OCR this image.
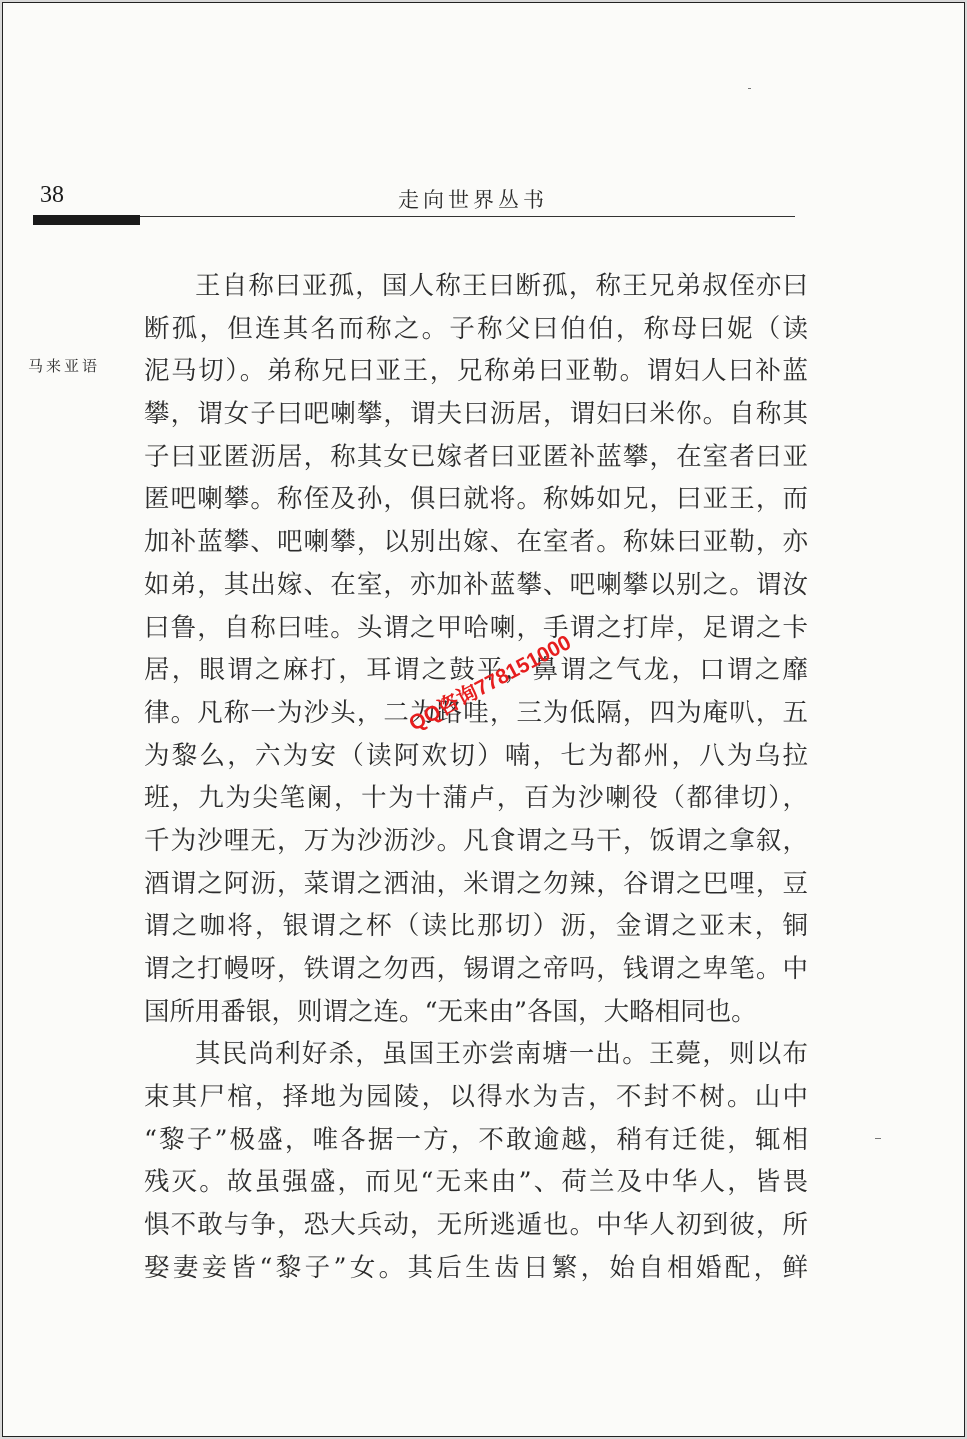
38	走向世界丛书
马来亚语
王自称曰亚孤，国人称王曰断孤，称王兄弟叔侄亦曰
断孤，但连其名而称之。子称父曰伯伯，称母曰妮（读
泥马切）。弟称兄曰亚王，兄称弟曰亚勒。谓妇人曰补蓝
攀，谓女子曰吧喇攀，谓夫曰沥居，谓妇曰米你。自称其
子曰亚匿沥居，称其女已嫁者曰亚匿补蓝攀，在室者曰亚
匿吧喇攀。称侄及孙，俱曰就将。称姊如兄，曰亚王，而
加补蓝攀、吧喇攀，以别出嫁、在室者。称妹曰亚勒，亦
如弟，其出嫁、在室，亦加补蓝攀、吧喇攀以别之。谓汝
曰鲁，自称曰哇。头谓之甲哈喇，手谓之打岸，足谓之卡
居，眼谓之麻打，耳谓之鼓平，鼻谓之气龙，口谓之靡
律。凡称一为沙头，二为路哇，三为低隔，四为庵叭，五
为黎么，六为安（读阿欢切）喃，七为都州，八为乌拉
班，九为尖笔阑，十为十蒲卢，百为沙喇役（都律切），
千为沙哩无，万为沙沥沙。凡食谓之马干，饭谓之拿叙，
酒谓之阿沥，菜谓之洒油，米谓之勿辣，谷谓之巴哩，豆
谓之咖将，银谓之杯（读比那切）沥，金谓之亚末，铜
谓之打幔呀，铁谓之勿西，锡谓之帝吗，钱谓之卑笔。中
国所用番银，则谓之连。“无来由”各国，大略相同也。
其民尚利好杀，虽国王亦尝南塘一出。王薨，则以布
束其尸棺，择地为园陵，以得水为吉，不封不树。山中
“黎子”极盛，唯各据一方，不敢逾越，稍有迁徙，辄相
残灭。故虽强盛，而见“无来由”、荷兰及中华人，皆畏
惧不敢与争，恐大兵动，无所逃遁也。中华人初到彼，所
娶妻妾皆“黎子”女。其后生齿日繁，始自相婚配，鲜
QQ咨询778151000
